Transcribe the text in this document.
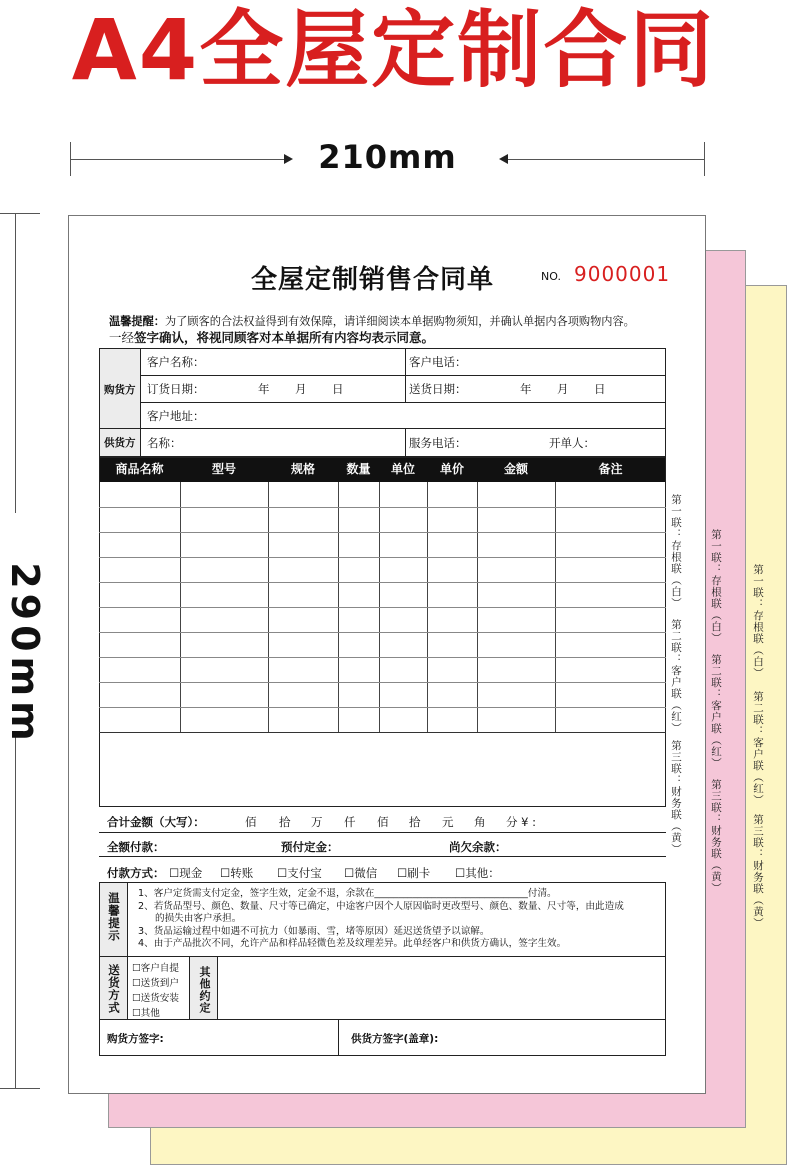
A4全屋定制合同
210mm
290mm	第一联：存根联（白）
第二联：客户联（红）
第三联：财务联（黄）
第一联：存根联（白）
第二联：客户联（红）
第三联：财务联（黄）
全屋定制销售合同单	NO. 9000001
温馨提醒：为了顾客的合法权益得到有效保障，请详细阅读本单据购物须知，并确认单据内各项购物内容。
一经签字确认，将视同顾客对本单据所有内容均表示同意。
购货方
供货方
客户名称：	客户电话：
订货日期：	年 月 日	送货日期：	年 月 日
客户地址：
名称：	服务电话：	开单人：
商品名称	型号	规格	数量	单位	单价	金额	备注
合计金额（大写）：	佰 拾 万 仟 佰 拾 元 角 分 ¥ :
全额付款：	预付定金：	尚欠余款：
付款方式： ☐现金 ☐转账 ☐支付宝 ☐微信 ☐刷卡 ☐其他：
温馨提示 1、客户定货需支付定金，签字生效，定金不退，余款在________________________________付清。
2、若货品型号、颜色、数量、尺寸等已确定，中途客户因个人原因临时更改型号、颜色、数量、尺寸等，由此造成
的损失由客户承担。
3、货品运输过程中如遇不可抗力（如暴雨、雪，堵等原因）延迟送货望予以谅解。
4、由于产品批次不同，允许产品和样品轻微色差及纹理差异。此单经客户和供货方确认，签字生效。
送货方式 ☐客户自提
☐送货到户
☐送货安装
☐其他	其他约定
购货方签字:	供货方签字(盖章):
第一联：存根联（白）
第二联：客户联（红）
第三联：财务联（黄）
